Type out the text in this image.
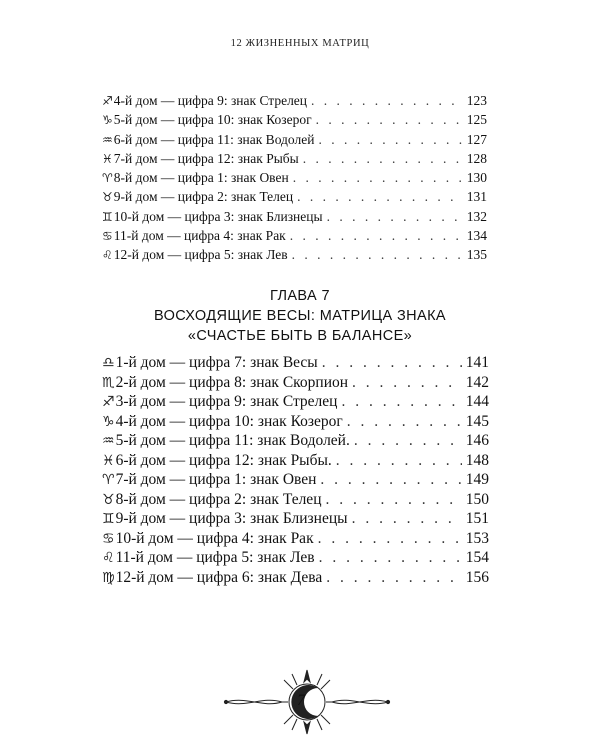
12 ЖИЗНЕННЫХ МАТРИЦ
♐ 4-й дом — цифра 9: знак Стрелец . . .	123
♑ 5-й дом — цифра 10: знак Козерог . . .	125
♒ 6-й дом — цифра 11: знак Водолей . . .	127
♓ 7-й дом — цифра 12: знак Рыбы . . .	128
♈ 8-й дом — цифра 1: знак Овен . . .	130
♉ 9-й дом — цифра 2: знак Телец . . .	131
♊ 10-й дом — цифра 3: знак Близнецы . . .	132
♋ 11-й дом — цифра 4: знак Рак . . .	134
♌ 12-й дом — цифра 5: знак Лев . . .	135
ГЛАВА 7
ВОСХОДЯЩИЕ ВЕСЫ: МАТРИЦА ЗНАКА
«СЧАСТЬЕ БЫТЬ В БАЛАНСЕ»
♎ 1-й дом — цифра 7: знак Весы . . .	141
♏ 2-й дом — цифра 8: знак Скорпион . . .	142
♐ 3-й дом — цифра 9: знак Стрелец . . .	144
♑ 4-й дом — цифра 10: знак Козерог . . .	145
♒ 5-й дом — цифра 11: знак Водолей. . . .	146
♓ 6-й дом — цифра 12: знак Рыбы. . . .	148
♈ 7-й дом — цифра 1: знак Овен . . .	149
♉ 8-й дом — цифра 2: знак Телец . . .	150
♊ 9-й дом — цифра 3: знак Близнецы . . .	151
♋ 10-й дом — цифра 4: знак Рак . . .	153
♌ 11-й дом — цифра 5: знак Лев . . .	154
♍ 12-й дом — цифра 6: знак Дева . . .	156
7
